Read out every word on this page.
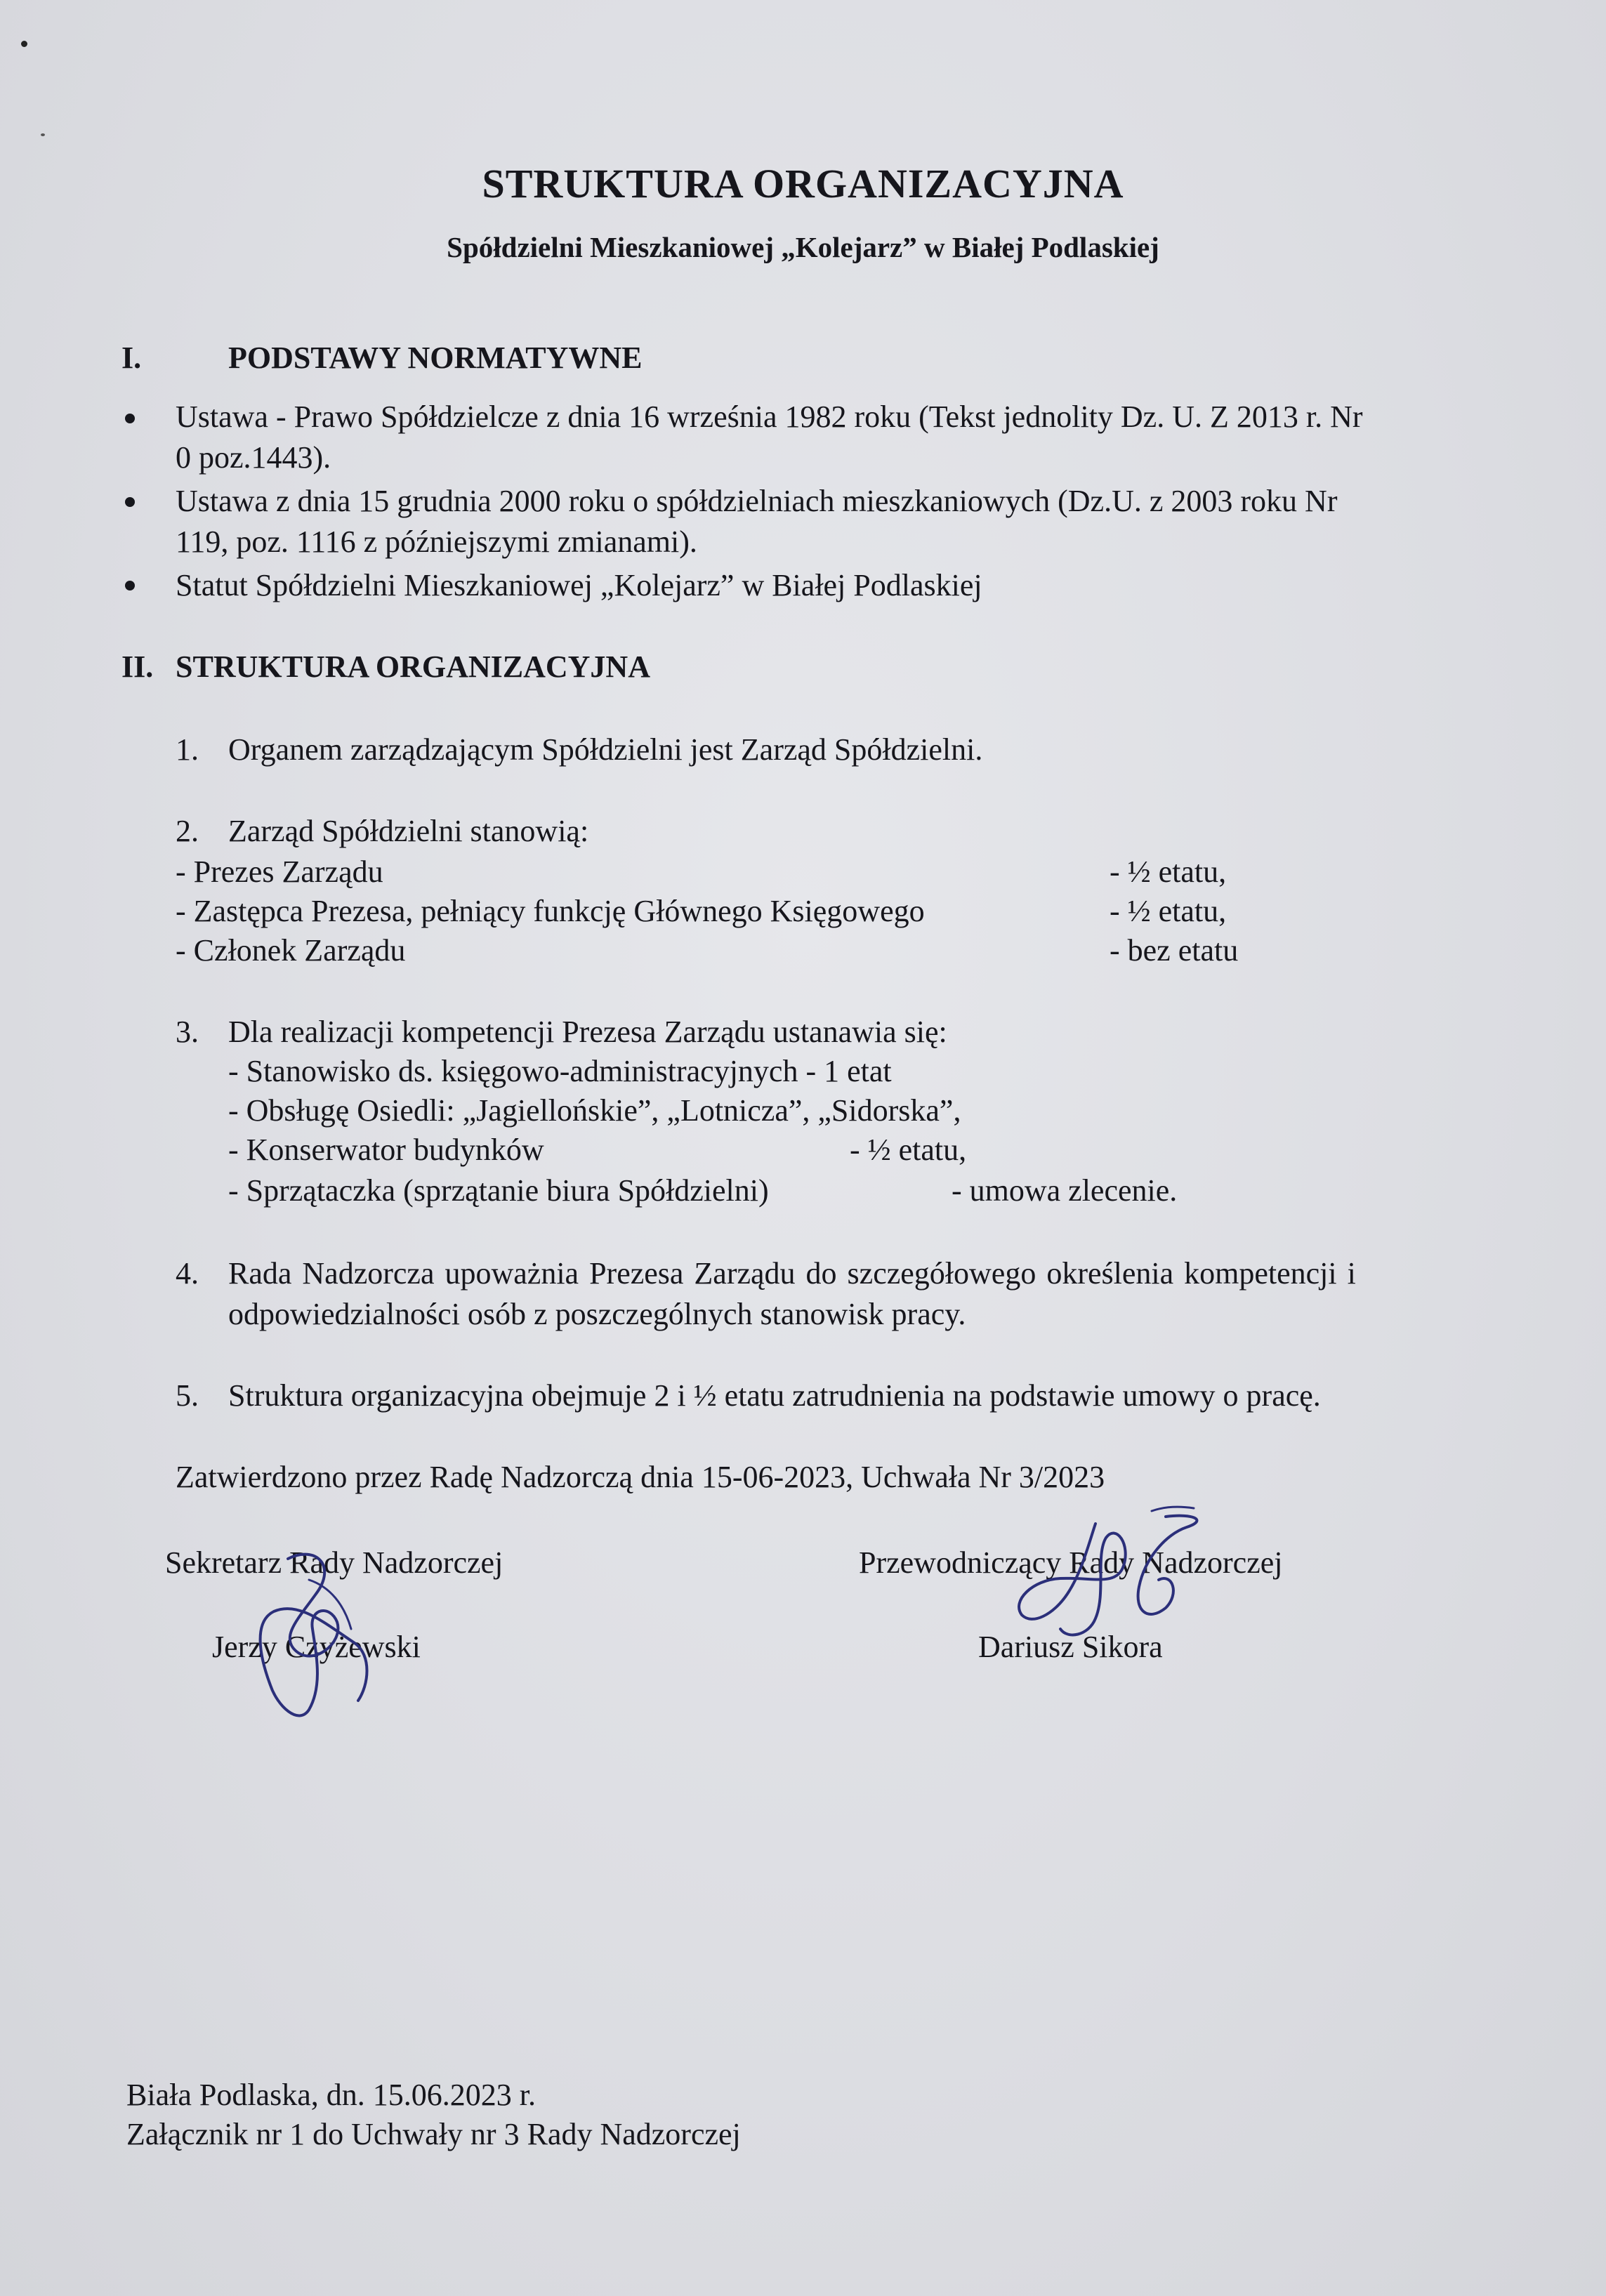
STRUKTURA ORGANIZACYJNA
Spółdzielni Mieszkaniowej „Kolejarz” w Białej Podlaskiej
I.	PODSTAWY NORMATYWNE
Ustawa - Prawo Spółdzielcze z dnia 16 września 1982 roku (Tekst jednolity Dz. U. Z 2013 r. Nr
0 poz.1443).
Ustawa z dnia 15 grudnia 2000 roku o spółdzielniach mieszkaniowych (Dz.U. z 2003 roku Nr
119, poz. 1116 z późniejszymi zmianami).
Statut Spółdzielni Mieszkaniowej „Kolejarz” w Białej Podlaskiej
II. STRUKTURA ORGANIZACYJNA
1. Organem zarządzającym Spółdzielni jest Zarząd Spółdzielni.
2. Zarząd Spółdzielni stanowią:
- Prezes Zarządu	- ½ etatu,
- Zastępca Prezesa, pełniący funkcję Głównego Księgowego	- ½ etatu,
- Członek Zarządu	- bez etatu
3. Dla realizacji kompetencji Prezesa Zarządu ustanawia się:
- Stanowisko ds. księgowo-administracyjnych - 1 etat
- Obsługę Osiedli: „Jagiellońskie”, „Lotnicza”, „Sidorska”,
- Konserwator budynków	- ½ etatu,
- Sprzątaczka (sprzątanie biura Spółdzielni)	- umowa zlecenie.
4. Rada Nadzorcza upoważnia Prezesa Zarządu do szczegółowego określenia kompetencji i
odpowiedzialności osób z poszczególnych stanowisk pracy.
5. Struktura organizacyjna obejmuje 2 i ½ etatu zatrudnienia na podstawie umowy o pracę.
Zatwierdzono przez Radę Nadzorczą dnia 15-06-2023, Uchwała Nr 3/2023
Sekretarz Rady Nadzorczej
Jerzy Czyżewski
Przewodniczący Rady Nadzorczej
Dariusz Sikora
Biała Podlaska, dn. 15.06.2023 r.
Załącznik nr 1 do Uchwały nr 3 Rady Nadzorczej
